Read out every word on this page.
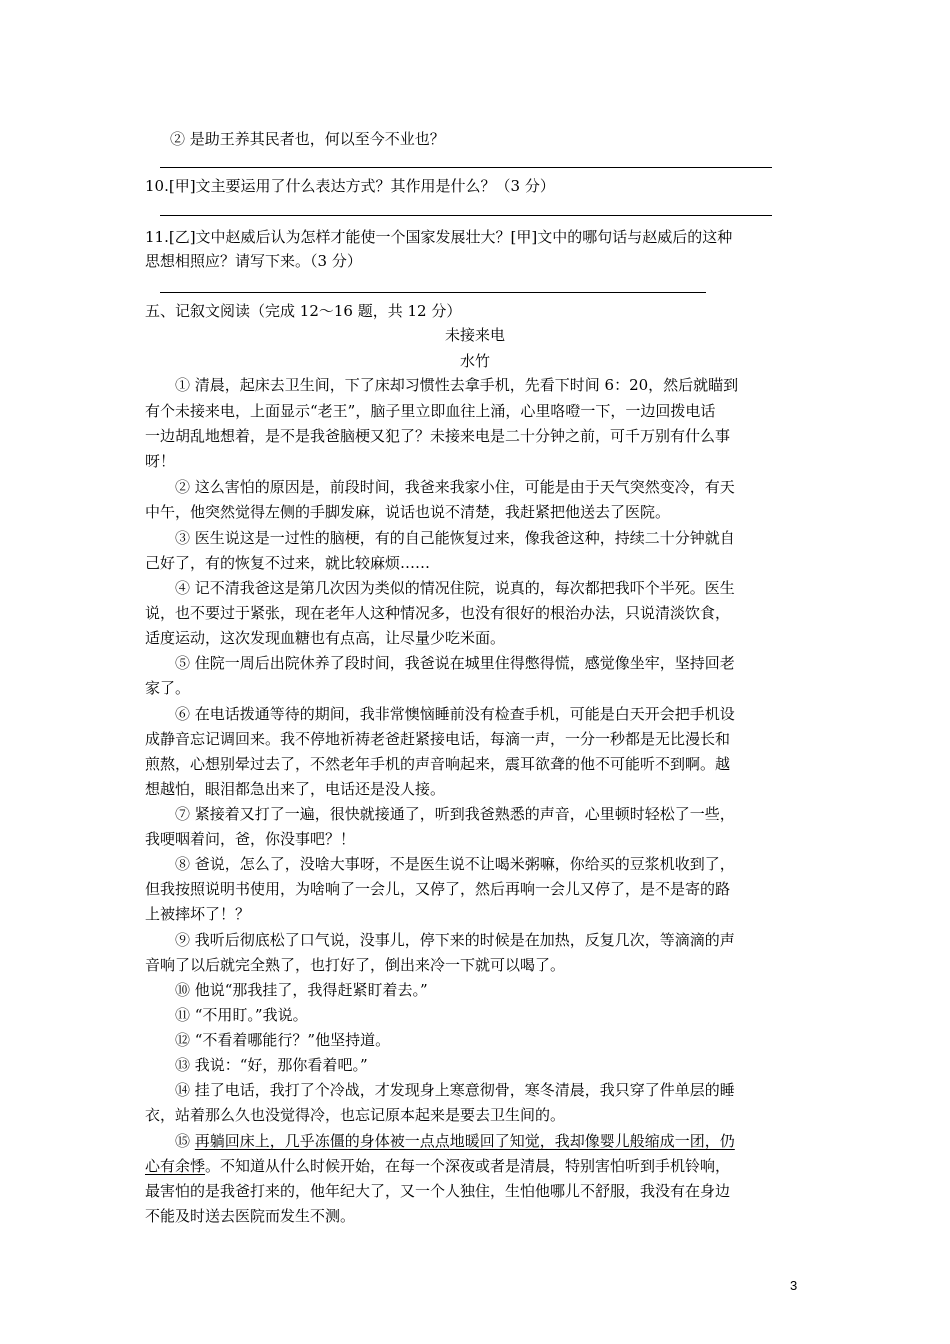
② 是助王养其民者也，何以至今不业也？
10.[甲]文主要运用了什么表达方式？其作用是什么？（3 分）
11.[乙]文中赵威后认为怎样才能使一个国家发展壮大？[甲]文中的哪句话与赵威后的这种
思想相照应？请写下来。（3 分）
五、记叙文阅读（完成 12～16 题，共 12 分）
未接来电
水竹
① 清晨，起床去卫生间，下了床却习惯性去拿手机，先看下时间 6：20，然后就瞄到
有个未接来电，上面显示“老王”，脑子里立即血往上涌，心里咯噔一下，一边回拨电话
一边胡乱地想着，是不是我爸脑梗又犯了？未接来电是二十分钟之前，可千万别有什么事
呀！
② 这么害怕的原因是，前段时间，我爸来我家小住，可能是由于天气突然变冷，有天
中午，他突然觉得左侧的手脚发麻，说话也说不清楚，我赶紧把他送去了医院。
③ 医生说这是一过性的脑梗，有的自己能恢复过来，像我爸这种，持续二十分钟就自
己好了，有的恢复不过来，就比较麻烦……
④ 记不清我爸这是第几次因为类似的情况住院，说真的，每次都把我吓个半死。医生
说，也不要过于紧张，现在老年人这种情况多，也没有很好的根治办法，只说清淡饮食，
适度运动，这次发现血糖也有点高，让尽量少吃米面。
⑤ 住院一周后出院休养了段时间，我爸说在城里住得憋得慌，感觉像坐牢，坚持回老
家了。
⑥ 在电话拨通等待的期间，我非常懊恼睡前没有检查手机，可能是白天开会把手机设
成静音忘记调回来。我不停地祈祷老爸赶紧接电话，每滴一声，一分一秒都是无比漫长和
煎熬，心想别晕过去了，不然老年手机的声音响起来，震耳欲聋的他不可能听不到啊。越
想越怕，眼泪都急出来了，电话还是没人接。
⑦ 紧接着又打了一遍，很快就接通了，听到我爸熟悉的声音，心里顿时轻松了一些，
我哽咽着问，爸，你没事吧？！
⑧ 爸说，怎么了，没啥大事呀，不是医生说不让喝米粥嘛，你给买的豆浆机收到了，
但我按照说明书使用，为啥响了一会儿，又停了，然后再响一会儿又停了，是不是寄的路
上被摔坏了！？
⑨ 我听后彻底松了口气说，没事儿，停下来的时候是在加热，反复几次，等滴滴的声
音响了以后就完全熟了，也打好了，倒出来冷一下就可以喝了。
⑩ 他说“那我挂了，我得赶紧盯着去。”
⑪ “不用盯。”我说。
⑫ “不看着哪能行？”他坚持道。
⑬ 我说：“好，那你看着吧。”
⑭ 挂了电话，我打了个冷战，才发现身上寒意彻骨，寒冬清晨，我只穿了件单层的睡
衣，站着那么久也没觉得冷，也忘记原本起来是要去卫生间的。
⑮ 再躺回床上，几乎冻僵的身体被一点点地暖回了知觉，我却像婴儿般缩成一团，仍
心有余悸。不知道从什么时候开始，在每一个深夜或者是清晨，特别害怕听到手机铃响，
最害怕的是我爸打来的，他年纪大了，又一个人独住，生怕他哪儿不舒服，我没有在身边
不能及时送去医院而发生不测。
3
